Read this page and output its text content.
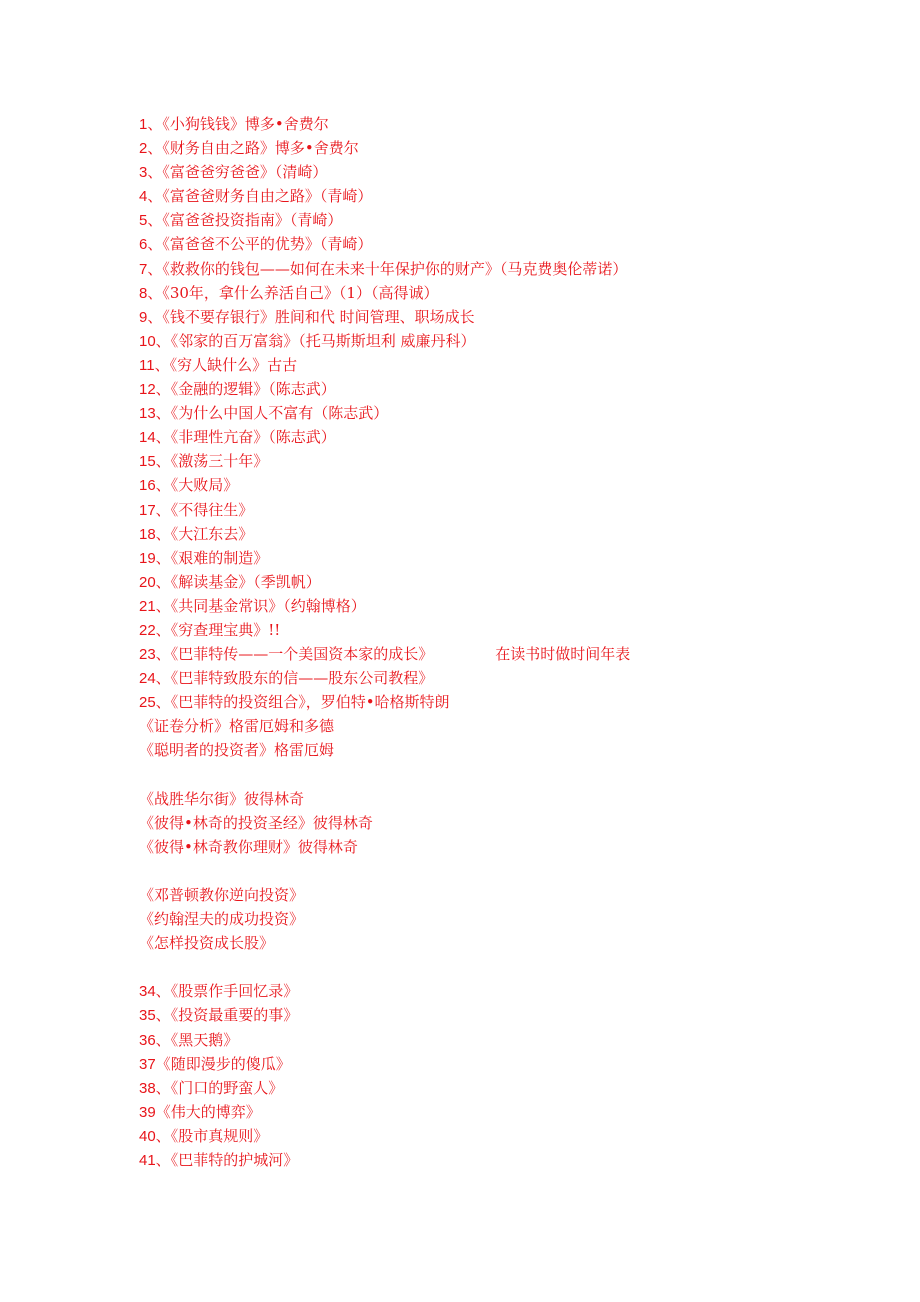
1、《小狗钱钱》博多•舍费尔
2、《财务自由之路》博多•舍费尔
3、《富爸爸穷爸爸》（清崎）
4、《富爸爸财务自由之路》（青崎）
5、《富爸爸投资指南》（青崎）
6、《富爸爸不公平的优势》（青崎）
7、《救救你的钱包——如何在未来十年保护你的财产》（马克费奥伦蒂诺）
8、《30年，拿什么养活自己》（1）（高得诚）
9、《钱不要存银行》胜间和代 时间管理、职场成长
10、《邻家的百万富翁》（托马斯斯坦利 威廉丹科）
11、《穷人缺什么》古古
12、《金融的逻辑》（陈志武）
13、《为什么中国人不富有（陈志武）
14、《非理性亢奋》（陈志武）
15、《激荡三十年》
16、《大败局》
17、《不得往生》
18、《大江东去》
19、《艰难的制造》
20、《解读基金》（季凯帆）
21、《共同基金常识》（约翰博格）
22、《穷查理宝典》!!
23、《巴菲特传——一个美国资本家的成长》	在读书时做时间年表
24、《巴菲特致股东的信——股东公司教程》
25、《巴菲特的投资组合》，罗伯特•哈格斯特朗
《证卷分析》格雷厄姆和多德
《聪明者的投资者》格雷厄姆
《战胜华尔街》彼得林奇
《彼得•林奇的投资圣经》彼得林奇
《彼得•林奇教你理财》彼得林奇
《邓普顿教你逆向投资》
《约翰涅夫的成功投资》
《怎样投资成长股》
34、《股票作手回忆录》
35、《投资最重要的事》
36、《黑天鹅》
37《随即漫步的傻瓜》
38、《门口的野蛮人》
39《伟大的博弈》
40、《股市真规则》
41、《巴菲特的护城河》
